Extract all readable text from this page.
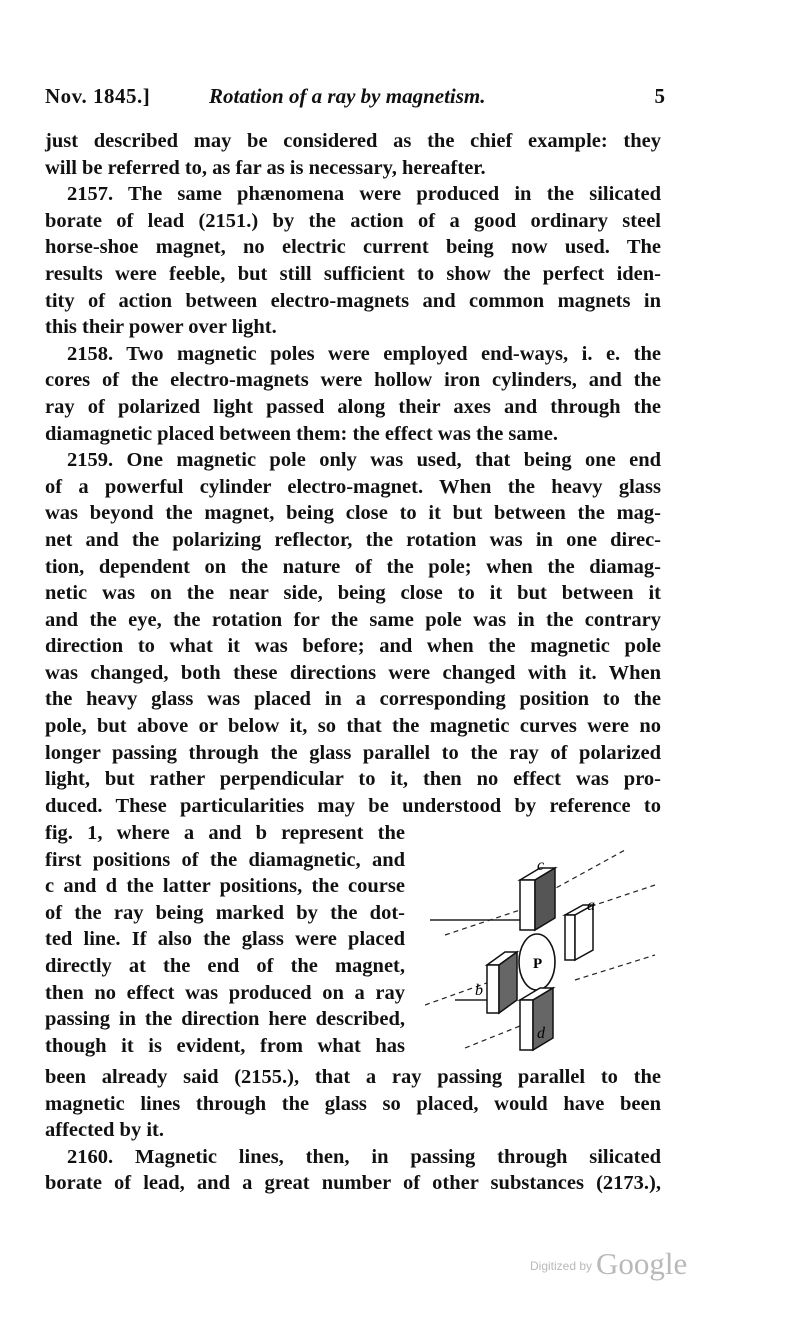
Nov. 1845.]	Rotation of a ray by magnetism.	5
just described may be considered as the chief example: they
will be referred to, as far as is necessary, hereafter.
2157. The same phænomena were produced in the silicated
borate of lead (2151.) by the action of a good ordinary steel
horse-shoe magnet, no electric current being now used. The
results were feeble, but still sufficient to show the perfect iden-
tity of action between electro-magnets and common magnets in
this their power over light.
2158. Two magnetic poles were employed end-ways, i. e. the
cores of the electro-magnets were hollow iron cylinders, and the
ray of polarized light passed along their axes and through the
diamagnetic placed between them: the effect was the same.
2159. One magnetic pole only was used, that being one end
of a powerful cylinder electro-magnet. When the heavy glass
was beyond the magnet, being close to it but between the mag-
net and the polarizing reflector, the rotation was in one direc-
tion, dependent on the nature of the pole; when the diamag-
netic was on the near side, being close to it but between it
and the eye, the rotation for the same pole was in the contrary
direction to what it was before; and when the magnetic pole
was changed, both these directions were changed with it. When
the heavy glass was placed in a corresponding position to the
pole, but above or below it, so that the magnetic curves were no
longer passing through the glass parallel to the ray of polarized
light, but rather perpendicular to it, then no effect was pro-
duced. These particularities may be understood by reference to
fig. 1, where a and b represent the
first positions of the diamagnetic, and
c and d the latter positions, the course
of the ray being marked by the dot-
ted line. If also the glass were placed
directly at the end of the magnet,
then no effect was produced on a ray
passing in the direction here described,
though it is evident, from what has
P
a
b
c
d
been already said (2155.), that a ray passing parallel to the
magnetic lines through the glass so placed, would have been
affected by it.
2160. Magnetic lines, then, in passing through silicated
borate of lead, and a great number of other substances (2173.),
$^{Digitized by}$ Google
